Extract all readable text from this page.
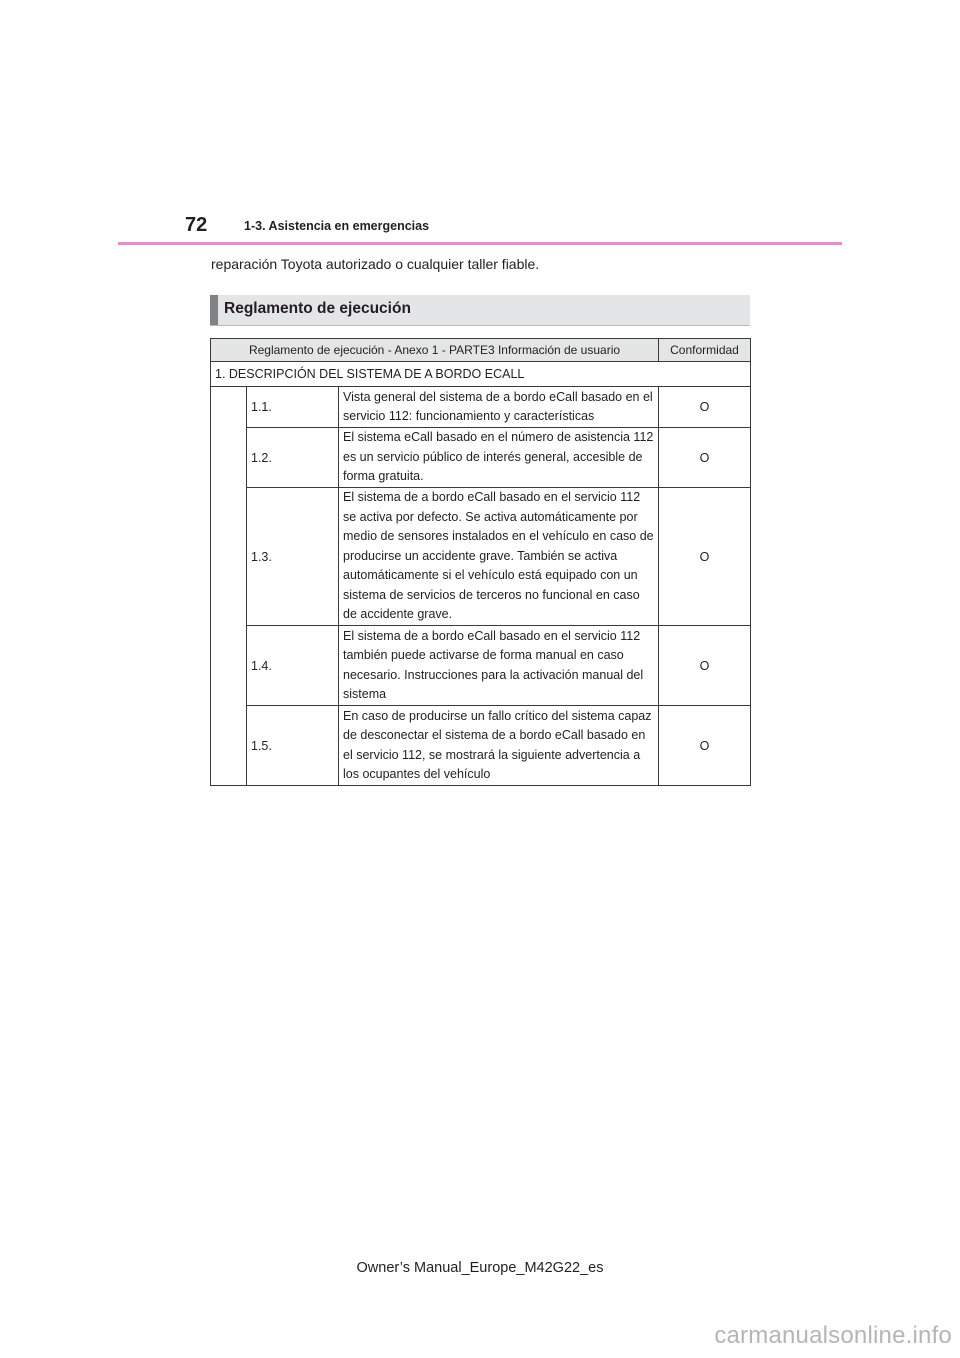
72	1-3. Asistencia en emergencias
reparación Toyota autorizado o cualquier taller fiable.
Reglamento de ejecución
Reglamento de ejecución - Anexo 1 - PARTE3 Información de usuario			Conformidad
1. DESCRIPCIÓN DEL SISTEMA DE A BORDO ECALL			
	1.1.	Vista general del sistema de a bordo eCall basado en el servicio 112: funcionamiento y características	O
	1.2.	El sistema eCall basado en el número de asistencia 112 es un servicio público de interés general, accesible de forma gratuita.	O
	1.3.	El sistema de a bordo eCall basado en el servicio 112 se activa por defecto. Se activa automáticamente por medio de sensores instalados en el vehículo en caso de producirse un accidente grave. También se activa automáticamente si el vehículo está equipado con un sistema de servicios de terceros no funcional en caso de accidente grave.	O
	1.4.	El sistema de a bordo eCall basado en el servicio 112 también puede activarse de forma manual en caso necesario. Instrucciones para la activación manual del sistema	O
	1.5.	En caso de producirse un fallo crítico del sistema capaz de desconectar el sistema de a bordo eCall basado en el servicio 112, se mostrará la siguiente advertencia a los ocupantes del vehículo	O
Owner’s Manual_Europe_M42G22_es
carmanualsonline.info
